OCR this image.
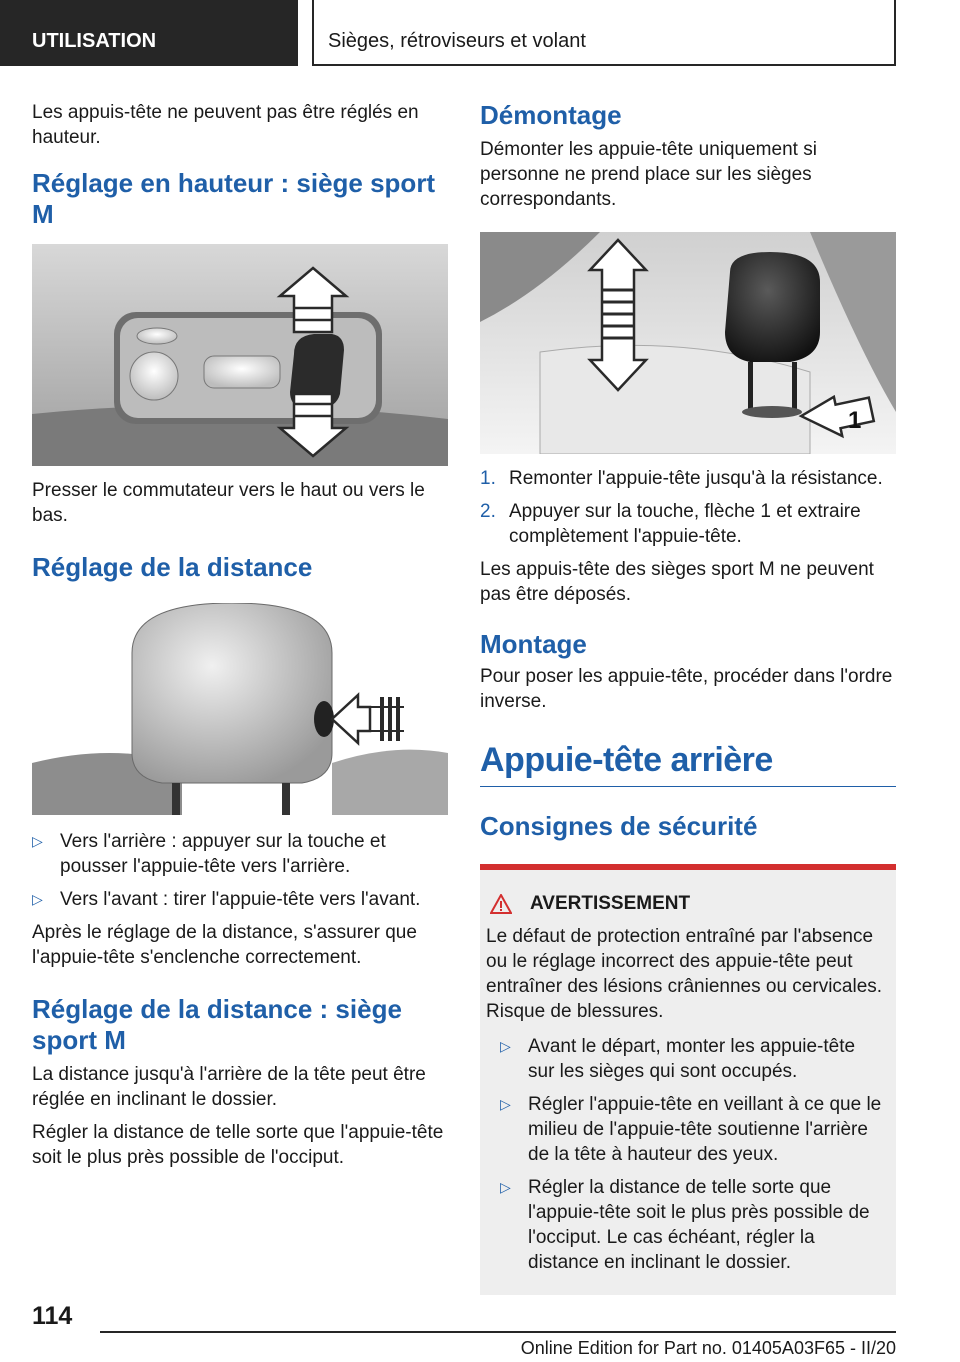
UTILISATION	Sièges, rétroviseurs et volant

Les appuis-tête ne peuvent pas être réglés en hauteur.

Réglage en hauteur : siège sport M

Presser le commutateur vers le haut ou vers le bas.

Réglage de la distance
▷ Vers l'arrière : appuyer sur la touche et pousser l'appuie-tête vers l'arrière.
▷ Vers l'avant : tirer l'appuie-tête vers l'avant.

Après le réglage de la distance, s'assurer que l'appuie-tête s'enclenche correctement.

Réglage de la distance : siège sport M

La distance jusqu'à l'arrière de la tête peut être réglée en inclinant le dossier.

Régler la distance de telle sorte que l'appuie-tête soit le plus près possible de l'occiput.

Démontage

Démonter les appuie-tête uniquement si personne ne prend place sur les sièges correspondants.

1
1. Remonter l'appuie-tête jusqu'à la résistance.
2. Appuyer sur la touche, flèche 1 et extraire complètement l'appuie-tête.

Les appuis-tête des sièges sport M ne peuvent pas être déposés.

Montage

Pour poser les appuie-tête, procéder dans l'ordre inverse.

Appuie-tête arrière
Consignes de sécurité
AVERTISSEMENT

Le défaut de protection entraîné par l'absence ou le réglage incorrect des appuie-tête peut entraîner des lésions crâniennes ou cervicales. Risque de blessures.

▷ Avant le départ, monter les appuie-tête sur les sièges qui sont occupés.
▷ Régler l'appuie-tête en veillant à ce que le milieu de l'appuie-tête soutienne l'arrière de la tête à hauteur des yeux.
▷ Régler la distance de telle sorte que l'appuie-tête soit le plus près possible de l'occiput. Le cas échéant, régler la distance en inclinant le dossier.
114
Online Edition for Part no. 01405A03F65 - II/20
